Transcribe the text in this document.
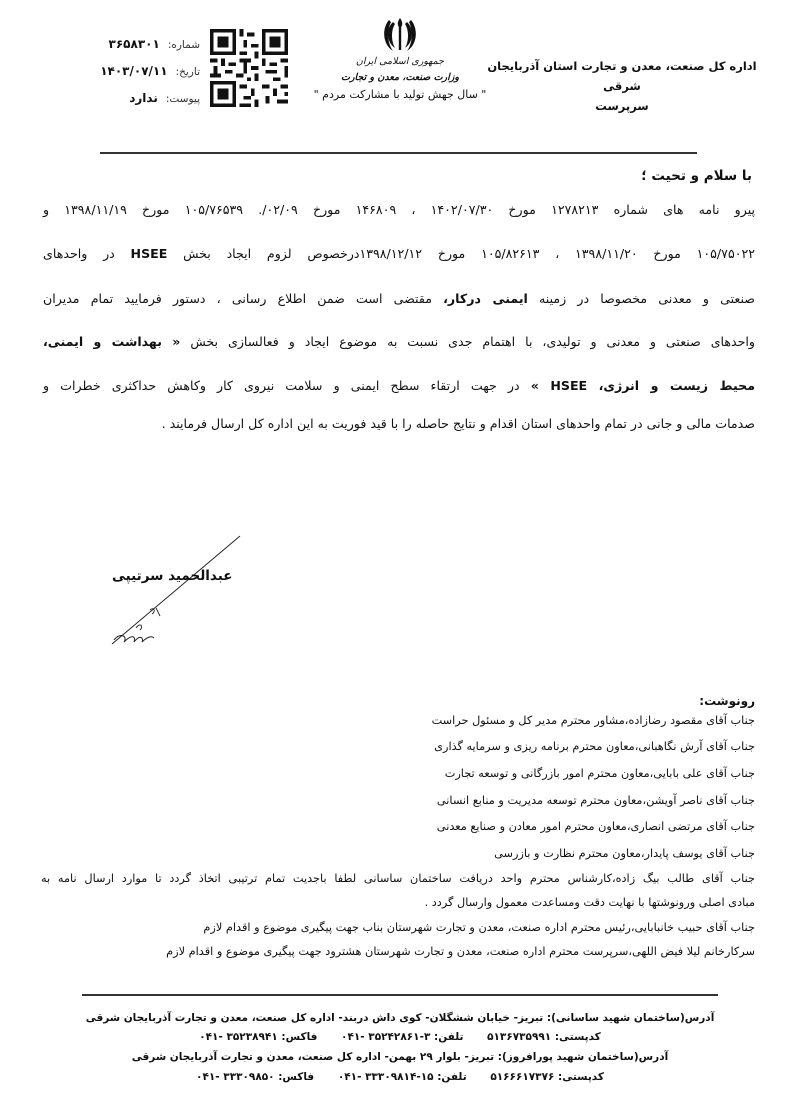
اداره کل صنعت، معدن و تجارت استان آذربایجان شرقی
سرپرست
جمهوری اسلامی ایران
وزارت صنعت، معدن و تجارت
" سال جهش تولید با مشارکت مردم "
شماره:
۳۶۵۸۳۰۱
تاریخ:
۱۴۰۳/۰۷/۱۱
پیوست:
ندارد
با سلام و تحیت ؛
پیرو نامه های شماره ۱۲۷۸۲۱۳ مورخ ۱۴۰۲/۰۷/۳۰ ، ۱۴۶۸۰۹ مورخ ۰۲/۰۹/. ۱۰۵/۷۶۵۳۹ مورخ ۱۳۹۸/۱۱/۱۹ و
۱۰۵/۷۵۰۲۲ مورخ ۱۳۹۸/۱۱/۲۰ ، ۱۰۵/۸۲۶۱۳ مورخ ۱۳۹۸/۱۲/۱۲درخصوص لزوم ایجاد بخش HSEE در واحدهای
صنعتی و معدنی مخصوصا در زمینه ایمنی درکار، مقتضی است ضمن اطلاع رسانی ، دستور فرمایید تمام مدیران
واحدهای صنعتی و معدنی و تولیدی، با اهتمام جدی نسبت به موضوع ایجاد و فعالسازی بخش « بهداشت و ایمنی،
محیط زیست و انرژی، HSEE » در جهت ارتقاء سطح ایمنی و سلامت نیروی کار وکاهش حداکثری خطرات و
صدمات مالی و جانی در تمام واحدهای استان اقدام و نتایج حاصله را با قید فوریت به این اداره کل ارسال فرمایند .
عبدالحمید سرتیپی
رونوشت:
جناب آقای مقصود رضازاده،مشاور محترم مدیر کل و مسئول حراست
جناب آقای آرش نگاهبانی،معاون محترم برنامه ریزی و سرمایه گذاری
جناب آقای علی بابایی،معاون محترم امور بازرگانی و توسعه تجارت
جناب آقای ناصر آویشن،معاون محترم توسعه مدیریت و منابع انسانی
جناب آقای مرتضی انصاری،معاون محترم امور معادن و صنایع معدنی
جناب آقای یوسف پایدار،معاون محترم نظارت و بازرسی
جناب آقای طالب بیگ زاده،کارشناس محترم واحد دریافت ساختمان ساسانی لطفا باجدیت تمام ترتیبی اتخاذ گردد تا موارد ارسال نامه به
مبادی اصلی ورونوشتها با نهایت دقت ومساعدت معمول وارسال گردد .
جناب آقای حبیب خانبابایی،رئیس محترم اداره صنعت، معدن و تجارت شهرستان بناب جهت پیگیری موضوع و اقدام لازم
سرکارخانم لیلا فیض اللهی،سرپرست محترم اداره صنعت، معدن و تجارت شهرستان هشترود جهت پیگیری موضوع و اقدام لازم
آدرس(ساختمان شهید ساسانی): تبریز- خیابان ششگلان- کوی داش دربند- اداره کل صنعت، معدن و تجارت آذربایجان شرقی
کدپستی: ۵۱۳۶۷۳۵۹۹۱ تلفن: ۳-۳۵۲۴۲۸۶۱ -۰۴۱ فاکس: ۳۵۲۳۸۹۴۱ -۰۴۱
آدرس(ساختمان شهید پورافروز): تبریز- بلوار ۲۹ بهمن- اداره کل صنعت، معدن و تجارت آذربایجان شرقی
کدپستی: ۵۱۶۶۶۱۷۳۷۶ تلفن: ۱۵-۳۳۳۰۹۸۱۴ -۰۴۱ فاکس: ۳۳۳۰۹۸۵۰ -۰۴۱
